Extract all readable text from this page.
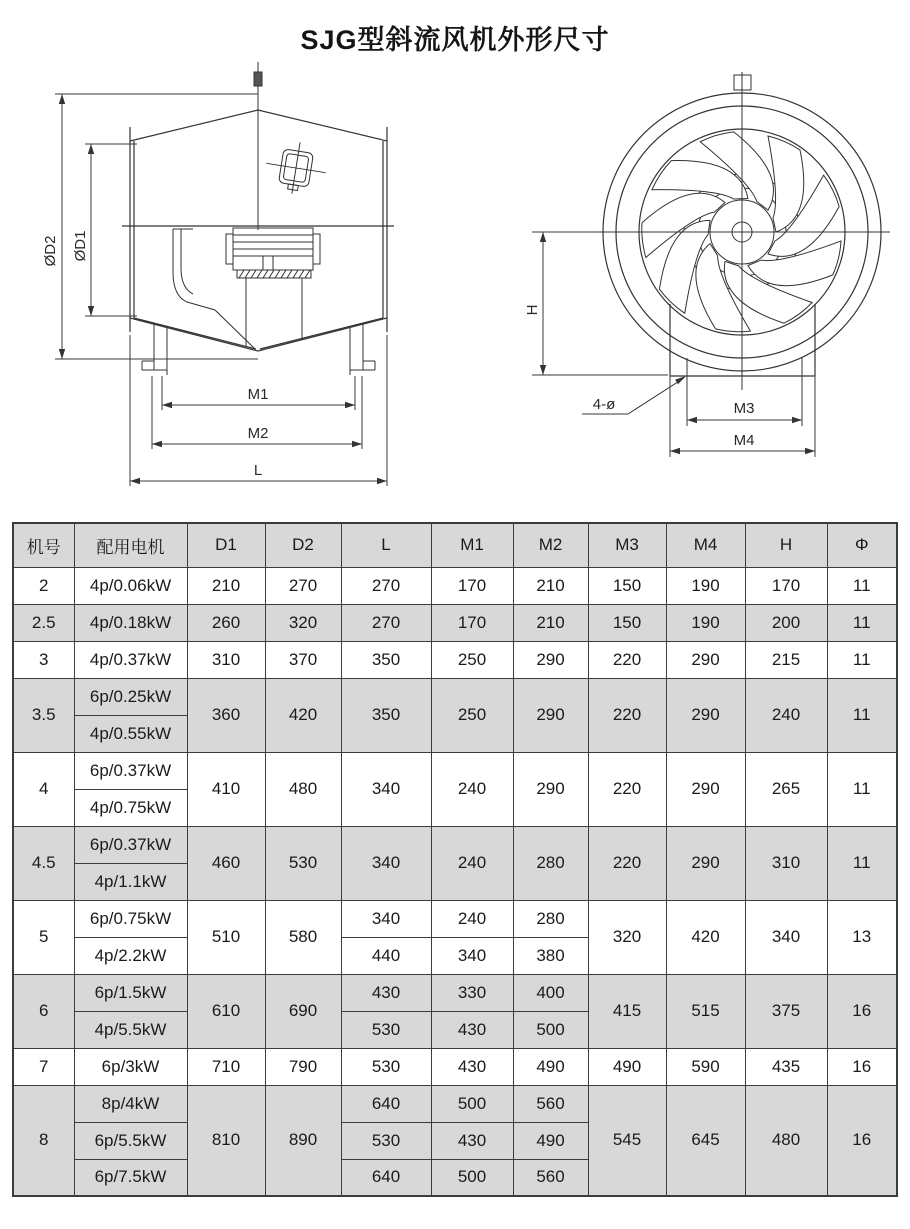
SJG型斜流风机外形尺寸
ØD2 ØD1
M1
M2
L
H
4-ø	M3
M4
机号	配用电机	D1	D2	L	M1	M2	M3	M4	H	Φ
2	4p/0.06kW	210	270	270	170	210	150	190	170	11
2.5	4p/0.18kW	260	320	270	170	210	150	190	200	11
3	4p/0.37kW	310	370	350	250	290	220	290	215	11
3.5	6p/0.25kW	360	420	350	250	290	220	290	240	11
	4p/0.55kW									
4	6p/0.37kW	410	480	340	240	290	220	290	265	11
	4p/0.75kW									
4.5	6p/0.37kW	460	530	340	240	280	220	290	310	11
	4p/1.1kW									
5	6p/0.75kW	510	580	340	240	280	320	420	340	13
	4p/2.2kW			440	340	380				
6	6p/1.5kW	610	690	430	330	400	415	515	375	16
	4p/5.5kW			530	430	500				
7	6p/3kW	710	790	530	430	490	490	590	435	16
8	8p/4kW	810	890	640	500	560	545	645	480	16
	6p/5.5kW			530	430	490				
	6p/7.5kW			640	500	560				
